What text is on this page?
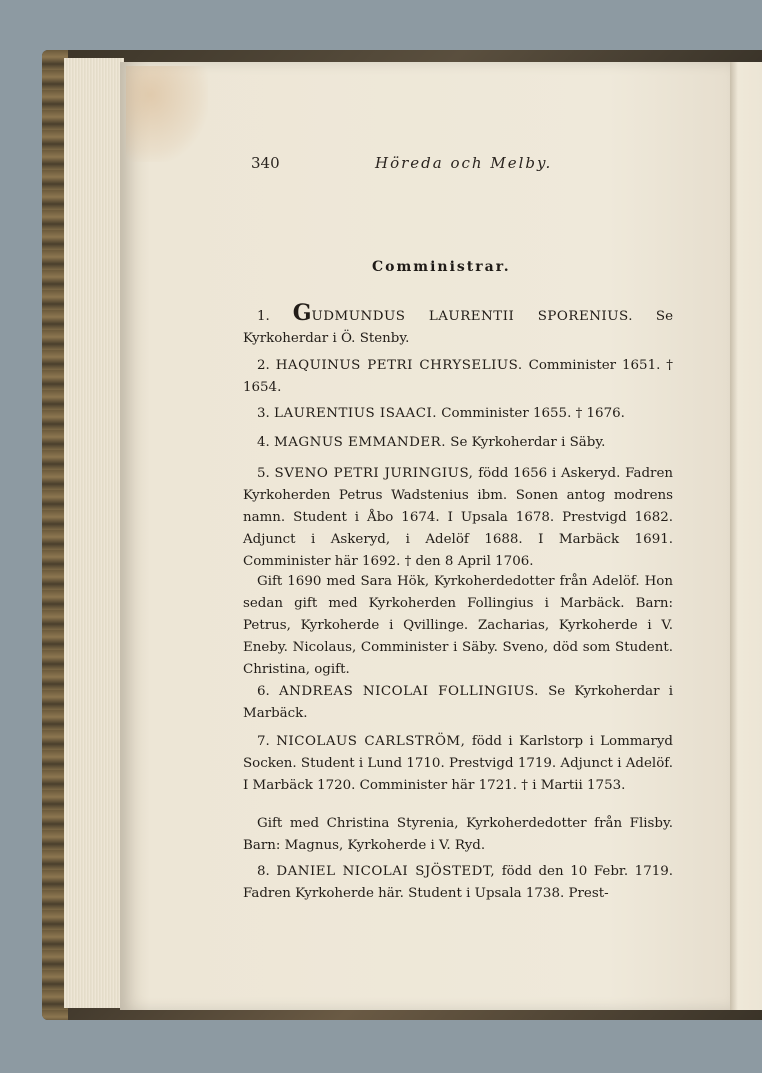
340	Höreda och Melby.
Comministrar.
1. GUDMUNDUS LAURENTII SPORENIUS. Se Kyrkoherdar i Ö. Stenby.
2. HAQUINUS PETRI CHRYSELIUS. Comminister 1651. † 1654.
3. LAURENTIUS ISAACI. Comminister 1655. † 1676.
4. MAGNUS EMMANDER. Se Kyrkoherdar i Säby.
5. SVENO PETRI JURINGIUS, född 1656 i Askeryd. Fadren Kyrkoherden Petrus Wadstenius ibm. Sonen antog modrens namn. Student i Åbo 1674. I Upsala 1678. Prestvigd 1682. Adjunct i Askeryd, i Adelöf 1688. I Marbäck 1691. Comminister här 1692. † den 8 April 1706.
Gift 1690 med Sara Hök, Kyrkoherdedotter från Adelöf. Hon sedan gift med Kyrkoherden Follingius i Marbäck. Barn: Petrus, Kyrkoherde i Qvillinge. Zacharias, Kyrkoherde i V. Eneby. Nicolaus, Comminister i Säby. Sveno, död som Student. Christina, ogift.
6. ANDREAS NICOLAI FOLLINGIUS. Se Kyrkoherdar i Marbäck.
7. NICOLAUS CARLSTRÖM, född i Karlstorp i Lommaryd Socken. Student i Lund 1710. Prestvigd 1719. Adjunct i Adelöf. I Marbäck 1720. Comminister här 1721. † i Martii 1753.
Gift med Christina Styrenia, Kyrkoherdedotter från Flisby. Barn: Magnus, Kyrkoherde i V. Ryd.
8. DANIEL NICOLAI SJÖSTEDT, född den 10 Febr. 1719. Fadren Kyrkoherde här. Student i Upsala 1738. Prest-
